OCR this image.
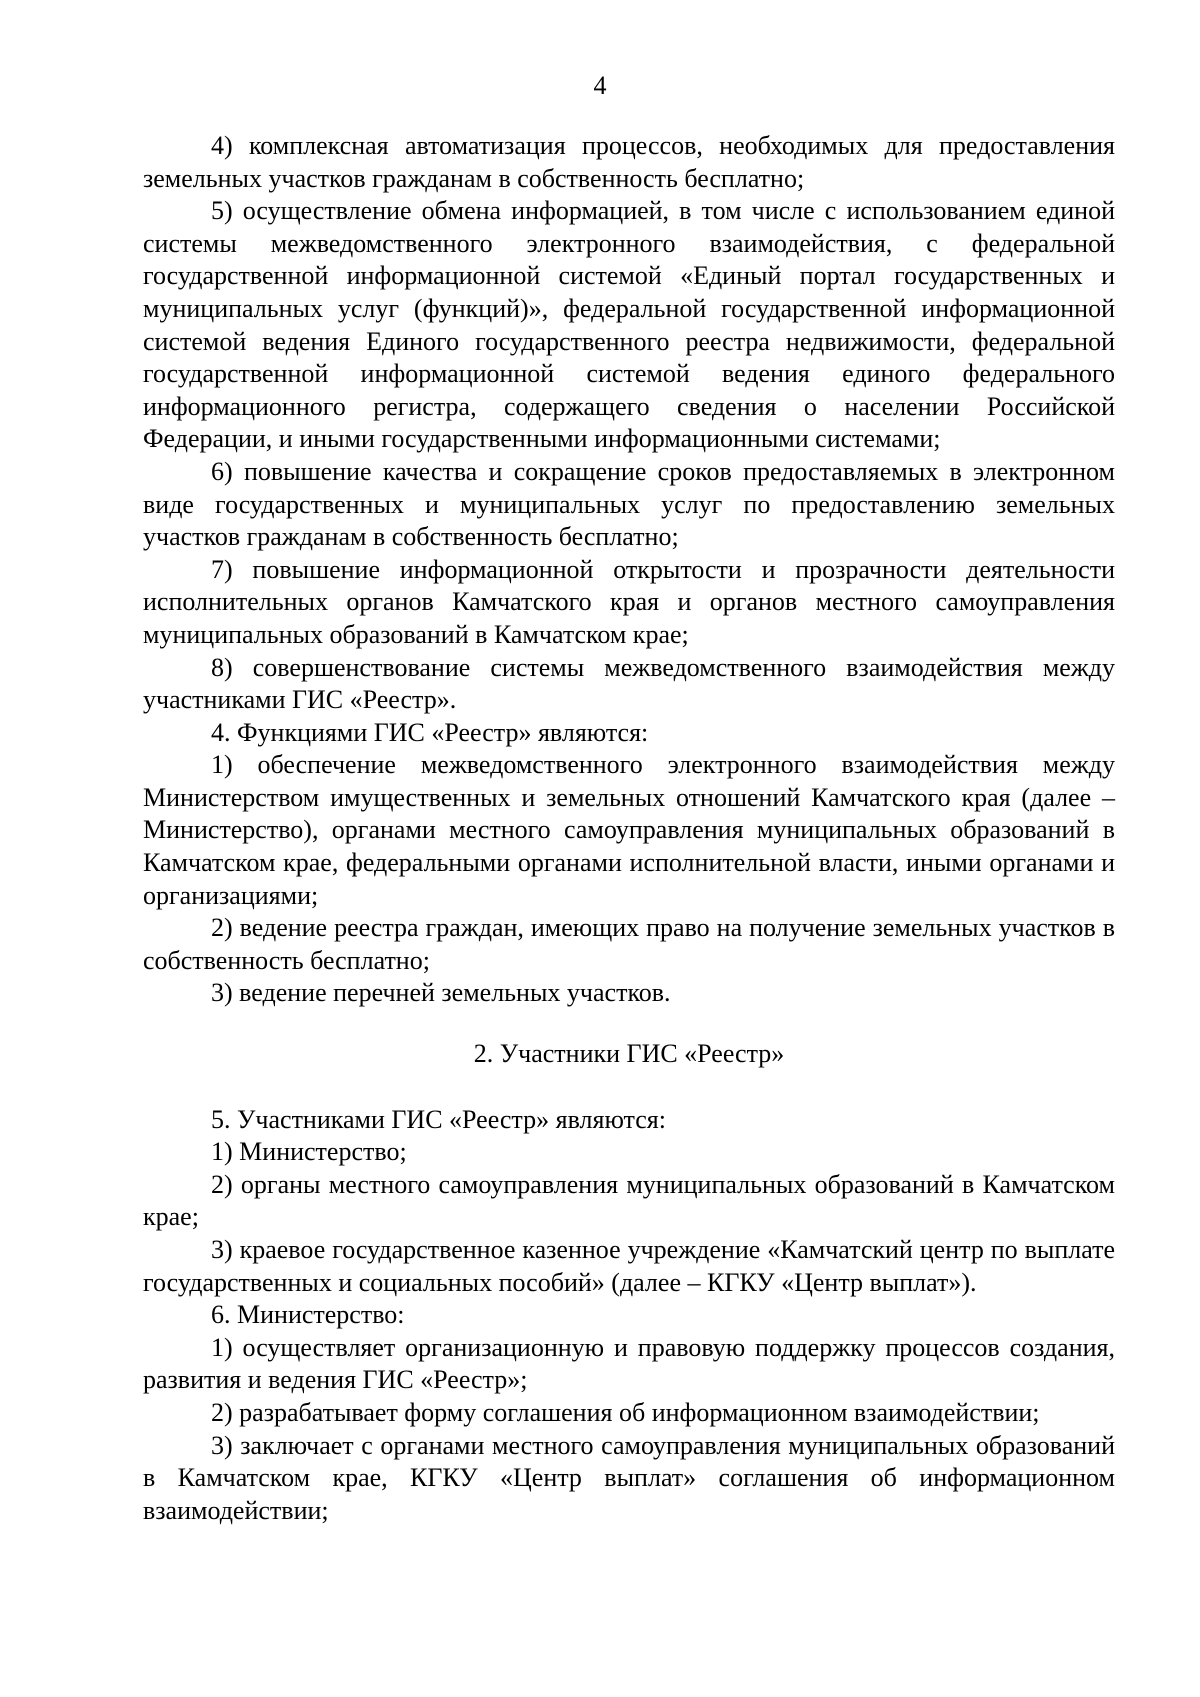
4

4) комплексная автоматизация процессов, необходимых для предоставления земельных участков гражданам в собственность бесплатно;

5) осуществление обмена информацией, в том числе с использованием единой системы межведомственного электронного взаимодействия, с федеральной государственной информационной системой «Единый портал государственных и муниципальных услуг (функций)», федеральной государственной информационной системой ведения Единого государственного реестра недвижимости, федеральной государственной информационной системой ведения единого федерального информационного регистра, содержащего сведения о населении Российской Федерации, и иными государственными информационными системами;

6) повышение качества и сокращение сроков предоставляемых в электронном виде государственных и муниципальных услуг по предоставлению земельных участков гражданам в собственность бесплатно;

7) повышение информационной открытости и прозрачности деятельности исполнительных органов Камчатского края и органов местного самоуправления муниципальных образований в Камчатском крае;

8) совершенствование системы межведомственного взаимодействия между участниками ГИС «Реестр».

4. Функциями ГИС «Реестр» являются:

1) обеспечение межведомственного электронного взаимодействия между Министерством имущественных и земельных отношений Камчатского края (далее – Министерство), органами местного самоуправления муниципальных образований в Камчатском крае, федеральными органами исполнительной власти, иными органами и организациями;

2) ведение реестра граждан, имеющих право на получение земельных участков в собственность бесплатно;

3) ведение перечней земельных участков.

2. Участники ГИС «Реестр»

5. Участниками ГИС «Реестр» являются:

1) Министерство;

2) органы местного самоуправления муниципальных образований в Камчатском крае;

3) краевое государственное казенное учреждение «Камчатский центр по выплате государственных и социальных пособий» (далее – КГКУ «Центр выплат»).

6. Министерство:

1) осуществляет организационную и правовую поддержку процессов создания, развития и ведения ГИС «Реестр»;

2) разрабатывает форму соглашения об информационном взаимодействии;

3) заключает с органами местного самоуправления муниципальных образований в Камчатском крае, КГКУ «Центр выплат» соглашения об информационном взаимодействии;
